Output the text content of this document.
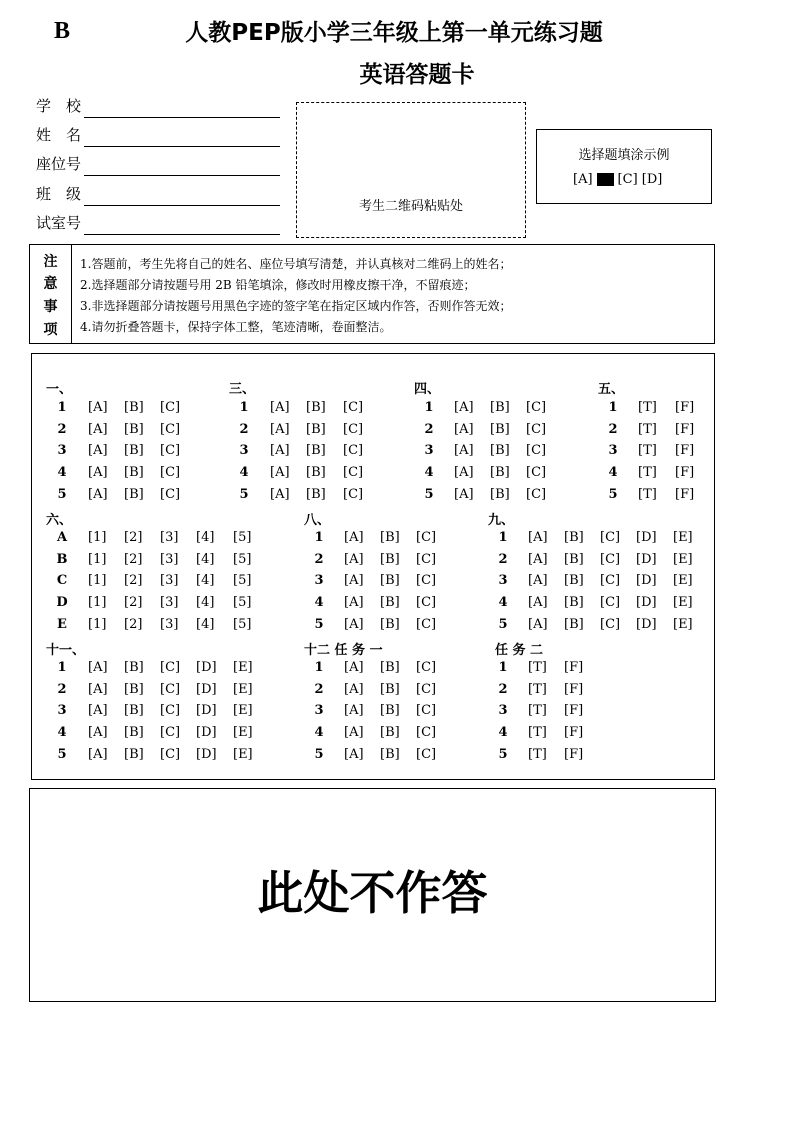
B	人教PEP版小学三年级上第一单元练习题
英语答题卡
考生二维码粘贴处
选择题填涂示例
[A] [C] [D]
注
意
事
项
1.答题前，考生先将自己的姓名、座位号填写清楚，并认真核对二维码上的姓名；
2.选择题部分请按题号用 2B 铅笔填涂，修改时用橡皮擦干净，不留痕迹；
3.非选择题部分请按题号用黑色字迹的签字笔在指定区域内作答，否则作答无效；
4.请勿折叠答题卡，保持字体工整，笔迹清晰，卷面整洁。
一、
1 [A] [B] [C]
2 [A] [B] [C]
3 [A] [B] [C]
4 [A] [B] [C]
5 [A] [B] [C]
三、
1 [A] [B] [C]
2 [A] [B] [C]
3 [A] [B] [C]
4 [A] [B] [C]
5 [A] [B] [C]
四、
1 [A] [B] [C]
2 [A] [B] [C]
3 [A] [B] [C]
4 [A] [B] [C]
5 [A] [B] [C]
五、
1 [T] [F]
2 [T] [F]
3 [T] [F]
4 [T] [F]
5 [T] [F]
六、
A [1] [2] [3] [4] [5]
B [1] [2] [3] [4] [5]
C [1] [2] [3] [4] [5]
D [1] [2] [3] [4] [5]
E [1] [2] [3] [4] [5]
八、
1 [A] [B] [C]
2 [A] [B] [C]
3 [A] [B] [C]
4 [A] [B] [C]
5 [A] [B] [C]
九、
1 [A] [B] [C] [D] [E]
2 [A] [B] [C] [D] [E]
3 [A] [B] [C] [D] [E]
4 [A] [B] [C] [D] [E]
5 [A] [B] [C] [D] [E]
十一、
1 [A] [B] [C] [D] [E]
2 [A] [B] [C] [D] [E]
3 [A] [B] [C] [D] [E]
4 [A] [B] [C] [D] [E]
5 [A] [B] [C] [D] [E]
十二 任 务 一
1 [A] [B] [C]
2 [A] [B] [C]
3 [A] [B] [C]
4 [A] [B] [C]
5 [A] [B] [C]
任 务 二
1 [T] [F]
2 [T] [F]
3 [T] [F]
4 [T] [F]
5 [T] [F]
此处不作答
学　校
姓　名
座位号
班　级
试室号
